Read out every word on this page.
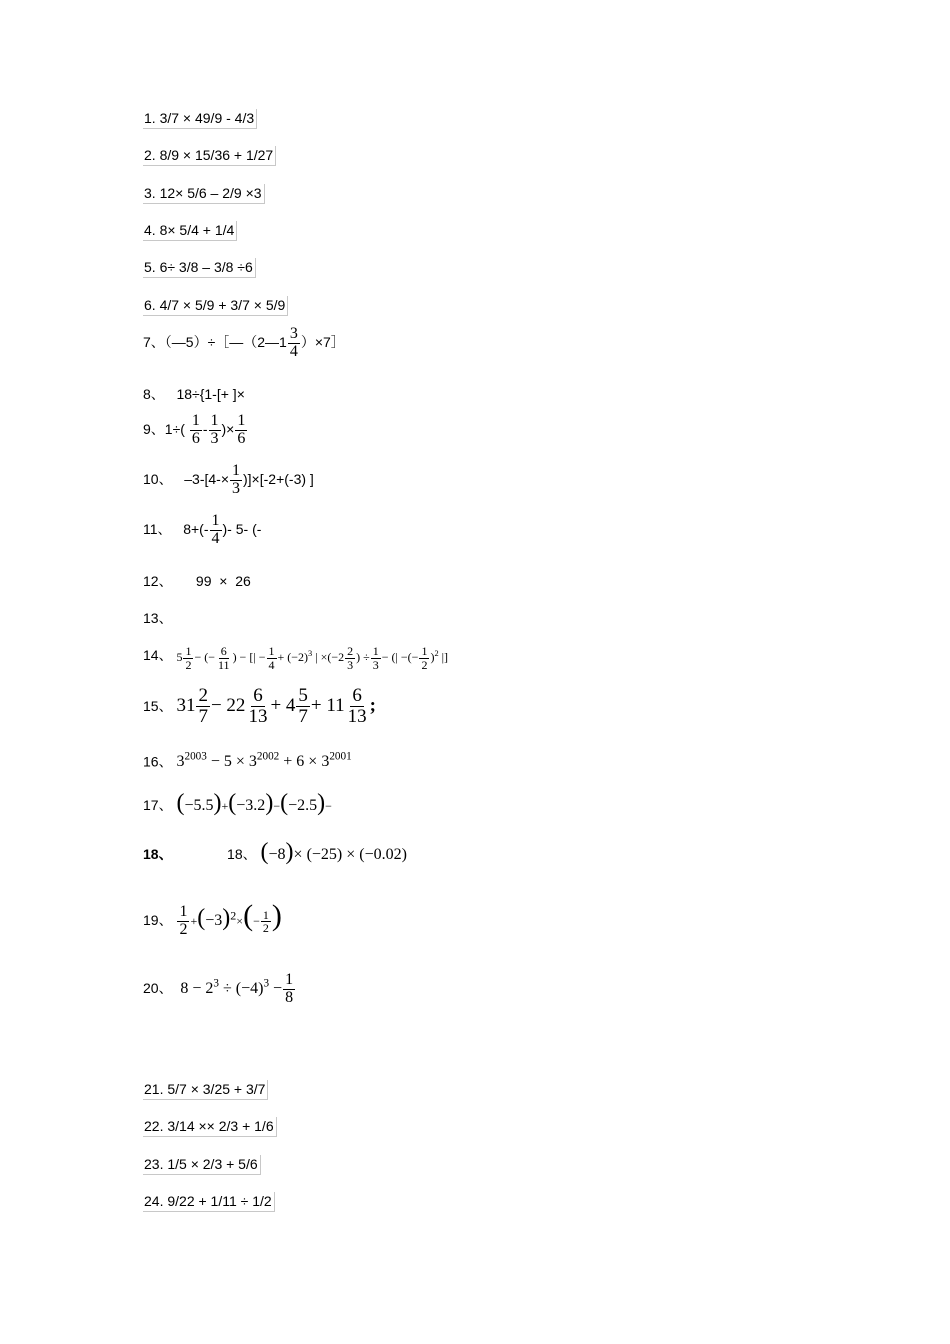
1. 3/7 × 49/9 - 4/3
2. 8/9 × 15/36 + 1/27
3. 12× 5/6 – 2/9 ×3
4. 8× 5/4 + 1/4
5. 6÷ 3/8 – 3/8 ÷6
6. 4/7 × 5/9 + 3/7 × 5/9
7、（—5）÷［—（2—1 $\frac{3}{4}$ ）×7］
8、 18÷{1-[+ ]×
9、$1\div( \frac{1}{6} - \frac{1}{3}$ )× $\frac{1}{6}$
10、 $-3-[4-\times \frac{1}{3} )]\times[-2+(-3)$ ]
11、 $8+(- \frac{1}{4}$ )- 5- (-
12、 99  ×  26
13、
14、 $5 \frac{1}{2}$ − (− $\frac{6}{11}$ ) − [| − $\frac{1}{4} + (-2)^3$ | $\times(-2 \frac{2}{3}$ ) ÷ $\frac{1}{3}$ − (| −(− $\frac{1}{2} )^2$ |]
15、 $31 \frac{2}{7} - 22 \frac{6}{13} + 4 \frac{5}{7} + 11 \frac{6}{13}$ ;
16、 $3^{2003} - 5 \times 3^{2002} + 6 \times 3^{2001}$
17、 (−5.5)+(−3.2)−(−2.5)−
18、	18、 (−8)× (−25) × (−0.02)
19、 $\frac{1}{2} +(-3)^2\times(- \frac{1}{2}$ )
20、 $8 - 2^3 \div (-4)^3 - \frac{1}{8}$
21. 5/7 × 3/25 + 3/7
22. 3/14 ×× 2/3 + 1/6
23. 1/5 × 2/3 + 5/6
24. 9/22 + 1/11 ÷ 1/2
